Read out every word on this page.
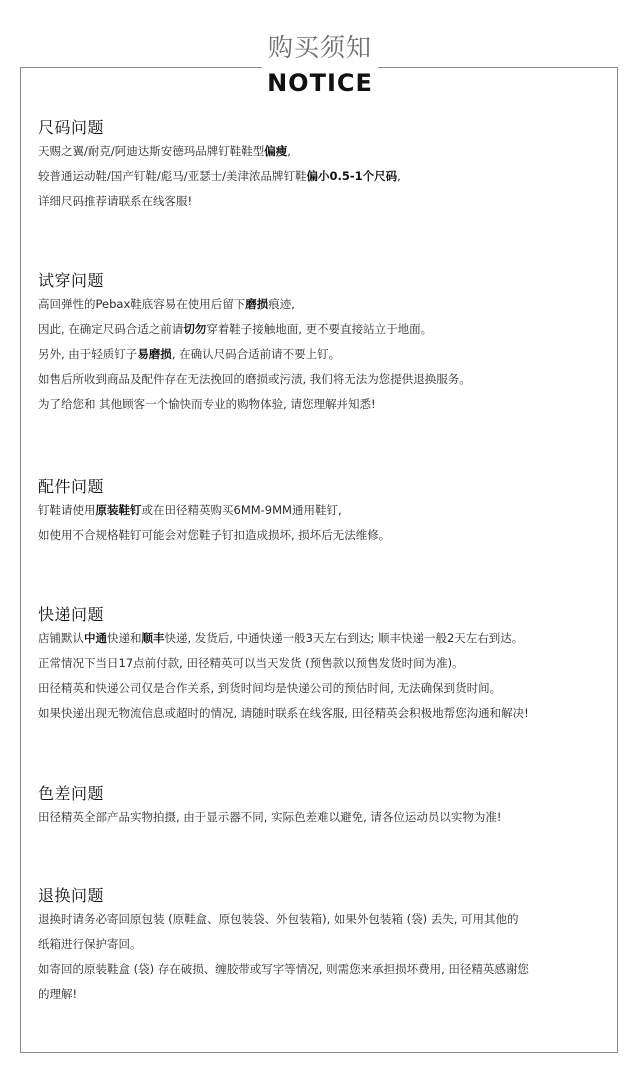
购买须知
NOTICE
尺码问题
天赐之翼/耐克/阿迪达斯安德玛品牌钉鞋鞋型偏瘦,
较普通运动鞋/国产钉鞋/彪马/亚瑟士/美津浓品牌钉鞋偏小0.5-1个尺码,
详细尺码推荐请联系在线客服!
试穿问题
高回弹性的Pebax鞋底容易在使用后留下磨损痕迹,
因此, 在确定尺码合适之前请切勿穿着鞋子接触地面, 更不要直接站立于地面。
另外, 由于轻质钉子易磨损, 在确认尺码合适前请不要上钉。
如售后所收到商品及配件存在无法挽回的磨损或污渍, 我们将无法为您提供退换服务。
为了给您和 其他顾客一个愉快而专业的购物体验, 请您理解并知悉!
配件问题
钉鞋请使用原装鞋钉或在田径精英购买6MM-9MM通用鞋钉,
如使用不合规格鞋钉可能会对您鞋子钉扣造成损坏, 损坏后无法维修。
快递问题
店铺默认中通快递和顺丰快递, 发货后, 中通快递一般3天左右到达; 顺丰快递一般2天左右到达。
正常情况下当日17点前付款, 田径精英可以当天发货 (预售款以预售发货时间为准)。
田径精英和快递公司仅是合作关系, 到货时间均是快递公司的预估时间, 无法确保到货时间。
如果快递出现无物流信息或超时的情况, 请随时联系在线客服, 田径精英会积极地帮您沟通和解决!
色差问题
田径精英全部产品实物拍摄, 由于显示器不同, 实际色差难以避免, 请各位运动员以实物为准!
退换问题
退换时请务必寄回原包装 (原鞋盒、原包装袋、外包装箱), 如果外包装箱 (袋) 丢失, 可用其他的
纸箱进行保护寄回。
如寄回的原装鞋盒 (袋) 存在破损、缠胶带或写字等情况, 则需您来承担损坏费用, 田径精英感谢您
的理解!
